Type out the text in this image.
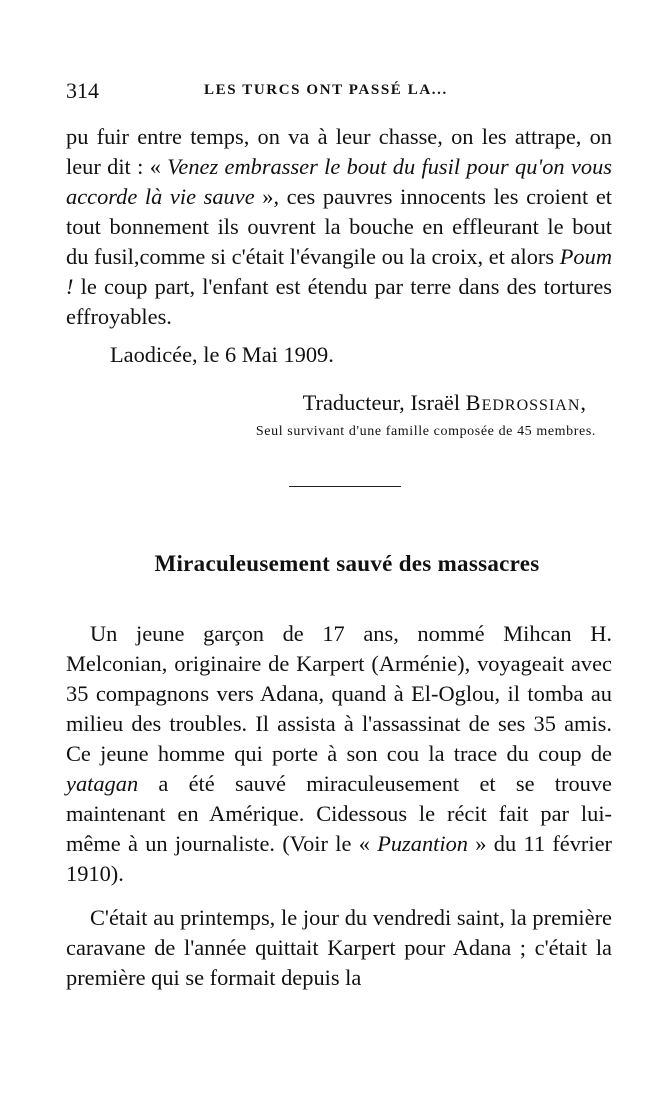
314	LES TURCS ONT PASSÉ LA...

pu fuir entre temps, on va à leur chasse, on les attrape, on leur dit : « Venez embrasser le bout du fusil pour qu'on vous accorde là vie sauve », ces pauvres innocents les croient et tout bonnement ils ouvrent la bouche en effleurant le bout du fusil,comme si c'était l'évangile ou la croix, et alors Poum ! le coup part, l'enfant est étendu par terre dans des tortures effroyables.

Laodicée, le 6 Mai 1909.
Traducteur, Israël Bedrossian,
Seul survivant d'une famille composée de 45 membres.
Miraculeusement sauvé des massacres

Un jeune garçon de 17 ans, nommé Mihcan H. Melconian, originaire de Karpert (Arménie), voyageait avec 35 compagnons vers Adana, quand à El-Oglou, il tomba au milieu des troubles. Il assista à l'assassinat de ses 35 amis. Ce jeune homme qui porte à son cou la trace du coup de yatagan a été sauvé miraculeusement et se trouve maintenant en Amérique. Cidessous le récit fait par lui-même à un journaliste. (Voir le « Puzantion » du 11 février 1910).

C'était au printemps, le jour du vendredi saint, la première caravane de l'année quittait Karpert pour Adana ; c'était la première qui se formait depuis la
